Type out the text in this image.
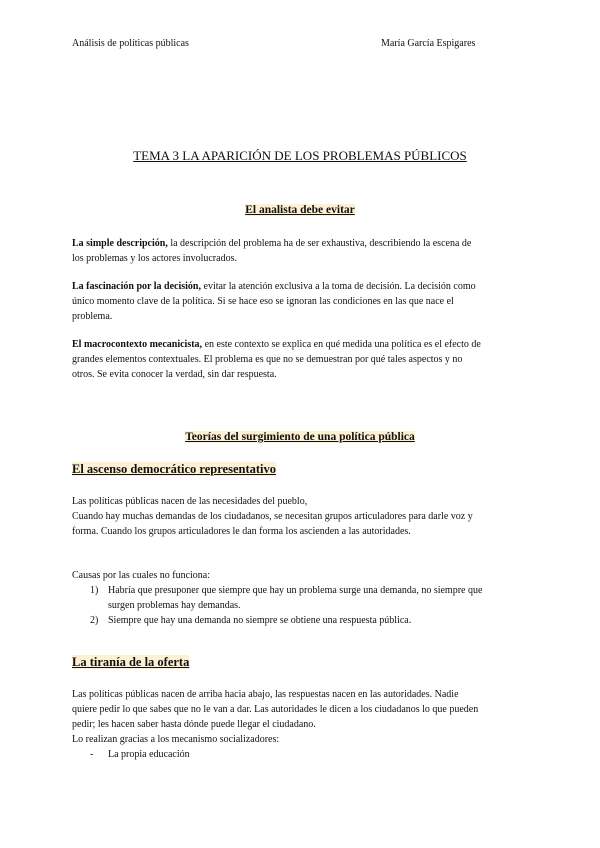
Análisis de políticas públicas	María García Espigares
TEMA 3 LA APARICIÓN DE LOS PROBLEMAS PÚBLICOS
El analista debe evitar
La simple descripción, la descripción del problema ha de ser exhaustiva, describiendo la escena de
los problemas y los actores involucrados.
La fascinación por la decisión, evitar la atención exclusiva a la toma de decisión. La decisión como
único momento clave de la política. Si se hace eso se ignoran las condiciones en las que nace el
problema.
El macrocontexto mecanicista, en este contexto se explica en qué medida una política es el efecto de
grandes elementos contextuales. El problema es que no se demuestran por qué tales aspectos y no
otros. Se evita conocer la verdad, sin dar respuesta.
Teorías del surgimiento de una política pública
El ascenso democrático representativo
Las políticas públicas nacen de las necesidades del pueblo,
Cuando hay muchas demandas de los ciudadanos, se necesitan grupos articuladores para darle voz y
forma. Cuando los grupos articuladores le dan forma los ascienden a las autoridades.
Causas por las cuales no funciona:
1) Habría que presuponer que siempre que hay un problema surge una demanda, no siempre que
surgen problemas hay demandas.
2) Siempre que hay una demanda no siempre se obtiene una respuesta pública.
La tiranía de la oferta
Las políticas públicas nacen de arriba hacia abajo, las respuestas nacen en las autoridades. Nadie
quiere pedir lo que sabes que no le van a dar. Las autoridades le dicen a los ciudadanos lo que pueden
pedir; les hacen saber hasta dónde puede llegar el ciudadano.
Lo realizan gracias a los mecanismo socializadores:
- La propia educación
